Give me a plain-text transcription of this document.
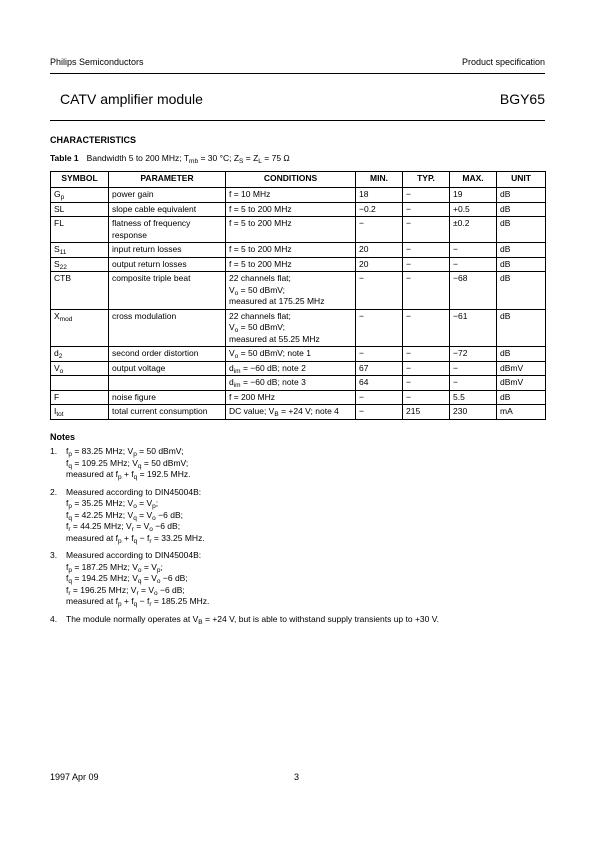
Philips Semiconductors	Product specification
CATV amplifier module	BGY65
CHARACTERISTICS
Table 1 Bandwidth 5 to 200 MHz; $T_{mb} = 30$ °C; $Z_S = Z_L = 75$ Ω
SYMBOL	PARAMETER	CONDITIONS	MIN.	TYP.	MAX.	UNIT
$G_p$	power gain	f = 10 MHz	18	−	19	dB
SL	slope cable equivalent	f = 5 to 200 MHz	−0.2	−	+0.5	dB
FL	flatness of frequency
response	f = 5 to 200 MHz	−	−	±0.2	dB
$S_{11}$	input return losses	f = 5 to 200 MHz	20	−	−	dB
$S_{22}$	output return losses	f = 5 to 200 MHz	20	−	−	dB
CTB	composite triple beat	22 channels flat;
$V_o = 50$ dBmV;
measured at 175.25 MHz	−	−	−68	dB
$X_{mod}$	cross modulation	22 channels flat;
$V_o = 50$ dBmV;
measured at 55.25 MHz	−	−	−61	dB
$d_2$	second order distortion	$V_o = 50$ dBmV; note 1	−	−	−72	dB
$V_o$	output voltage	$d_{im} = -60$ dB; note 2	67	−	−	dBmV

		$d_{im} = -60$ dB; note 3	64	−	−	dBmV
F	noise figure	f = 200 MHz	−	−	5.5	dB
$I_{tot}$	total current consumption	DC value; $V_B = +24$ V; note 4	−	215	230	mA
Notes
1. $f_p = 83.25$ MHz; $V_p = 50$ dBmV;
$f_q = 109.25$ MHz; $V_q = 50$ dBmV;
measured at $f_p + f_q = 192.5$ MHz.
2. Measured according to DIN45004B:
$f_p = 35.25$ MHz; $V_o = V_p$;
$f_q = 42.25$ MHz; $V_q = V_o -6$ dB;
$f_r = 44.25$ MHz; $V_r = V_o -6$ dB;
measured at $f_p + f_q - f_r = 33.25$ MHz.
3. Measured according to DIN45004B:
$f_p = 187.25$ MHz; $V_o = V_p$;
$f_q = 194.25$ MHz; $V_q = V_o -6$ dB;
$f_r = 196.25$ MHz; $V_r = V_o -6$ dB;
measured at $f_p + f_q - f_r = 185.25$ MHz.
4. The module normally operates at $V_B = +24$ V, but is able to withstand supply transients up to +30 V.
1997 Apr 09	3
